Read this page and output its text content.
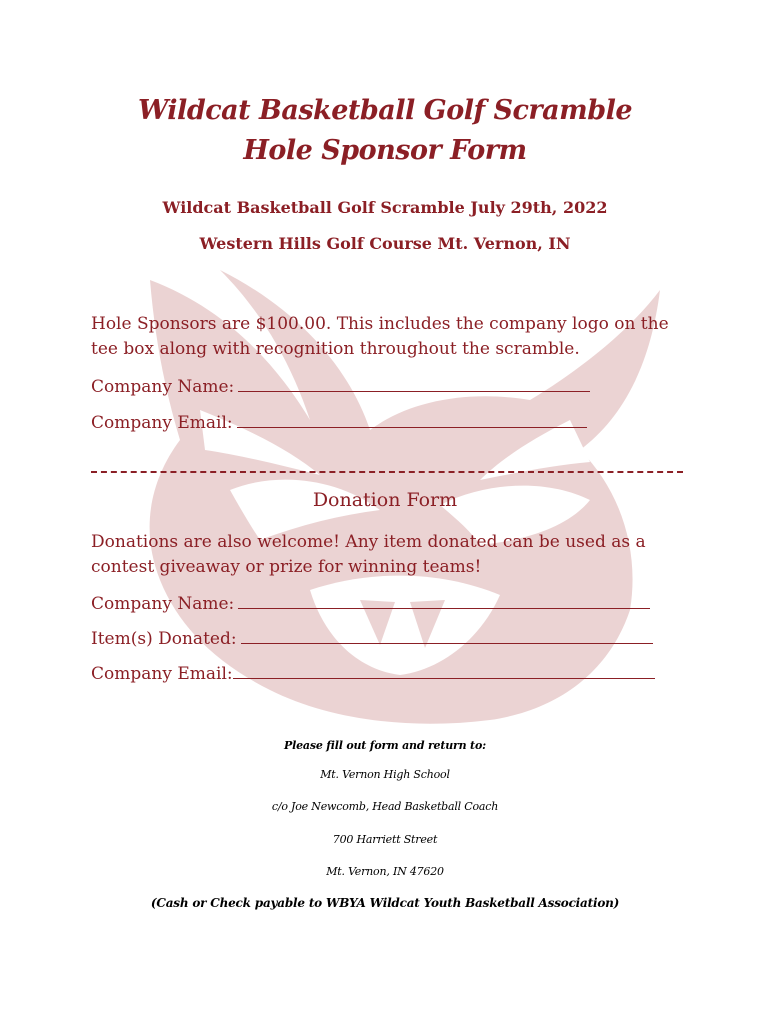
Wildcat Basketball Golf Scramble
Hole Sponsor Form
Wildcat Basketball Golf Scramble July 29th, 2022
Western Hills Golf Course Mt. Vernon, IN

Hole Sponsors are $100.00. This includes the company logo on the tee box along with recognition throughout the scramble.

Company Name:
Company Email:
Donation Form

Donations are also welcome! Any item donated can be used as a contest giveaway or prize for winning teams!

Company Name:
Item(s) Donated:
Company Email:
Please fill out form and return to:
Mt. Vernon High School
c/o Joe Newcomb, Head Basketball Coach
700 Harriett Street
Mt. Vernon, IN 47620
(Cash or Check payable to WBYA Wildcat Youth Basketball Association)
